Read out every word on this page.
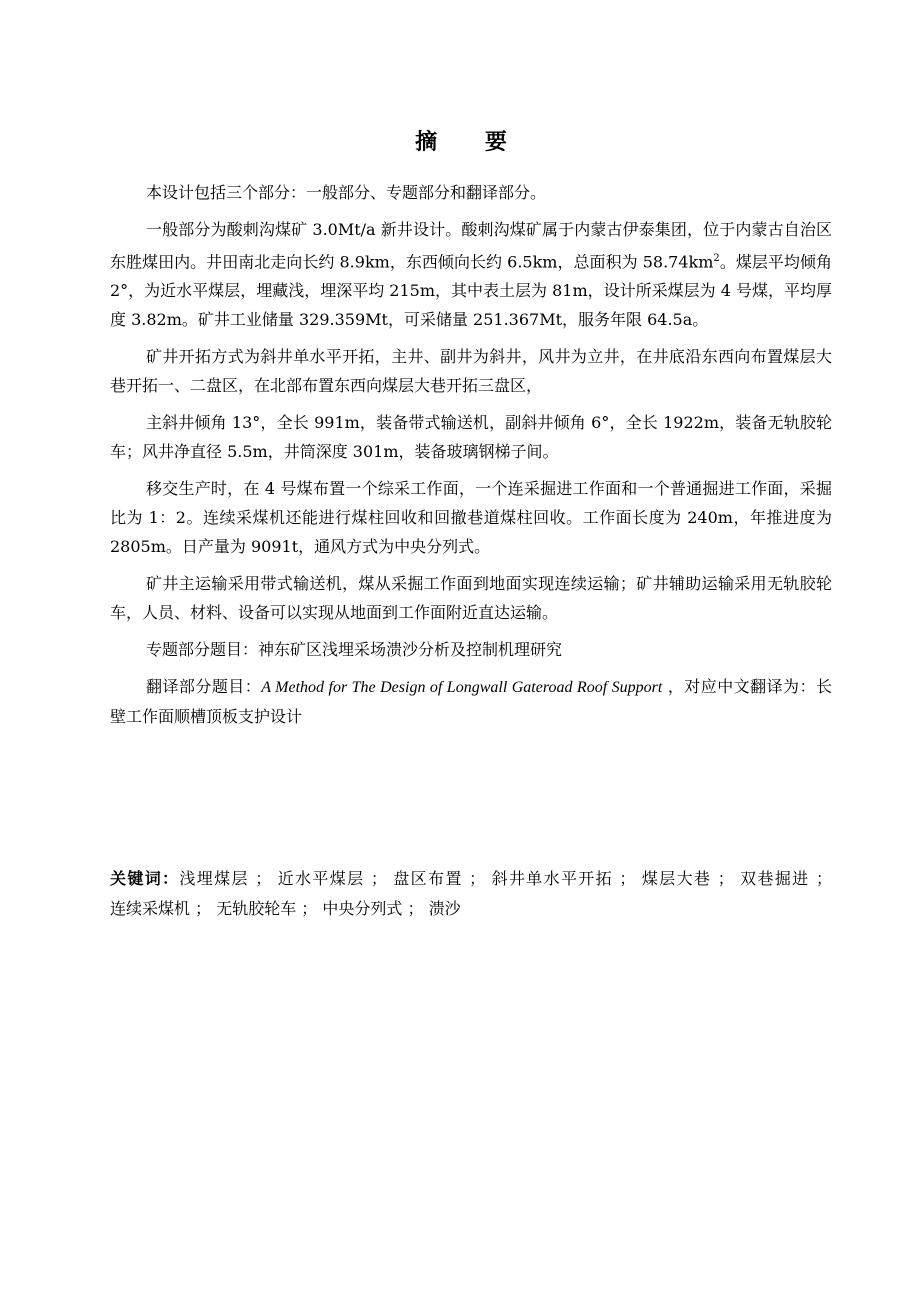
摘 要

本设计包括三个部分：一般部分、专题部分和翻译部分。

一般部分为酸刺沟煤矿 3.0Mt/a 新井设计。酸刺沟煤矿属于内蒙古伊泰集团，位于内蒙古自治区东胜煤田内。井田南北走向长约 8.9km，东西倾向长约 6.5km，总面积为 $58.74km^2$。煤层平均倾角 2°，为近水平煤层，埋藏浅，埋深平均 215m，其中表土层为 81m，设计所采煤层为 4 号煤，平均厚度 3.82m。矿井工业储量 329.359Mt，可采储量 251.367Mt，服务年限 64.5a。

矿井开拓方式为斜井单水平开拓，主井、副井为斜井，风井为立井，在井底沿东西向布置煤层大巷开拓一、二盘区，在北部布置东西向煤层大巷开拓三盘区，

主斜井倾角 13°，全长 991m，装备带式输送机，副斜井倾角 6°，全长 1922m，装备无轨胶轮车；风井净直径 5.5m，井筒深度 301m，装备玻璃钢梯子间。

移交生产时，在 4 号煤布置一个综采工作面，一个连采掘进工作面和一个普通掘进工作面，采掘比为 1：2。连续采煤机还能进行煤柱回收和回撤巷道煤柱回收。工作面长度为 240m，年推进度为 2805m。日产量为 9091t，通风方式为中央分列式。

矿井主运输采用带式输送机，煤从采掘工作面到地面实现连续运输；矿井辅助运输采用无轨胶轮车，人员、材料、设备可以实现从地面到工作面附近直达运输。

专题部分题目：神东矿区浅埋采场溃沙分析及控制机理研究

翻译部分题目：A Method for The Design of Longwall Gateroad Roof Support ，对应中文翻译为：长壁工作面顺槽顶板支护设计

关键词：浅埋煤层 ； 近水平煤层 ； 盘区布置 ； 斜井单水平开拓 ； 煤层大巷 ； 双巷掘进 ； 连续采煤机 ； 无轨胶轮车 ； 中央分列式 ； 溃沙
